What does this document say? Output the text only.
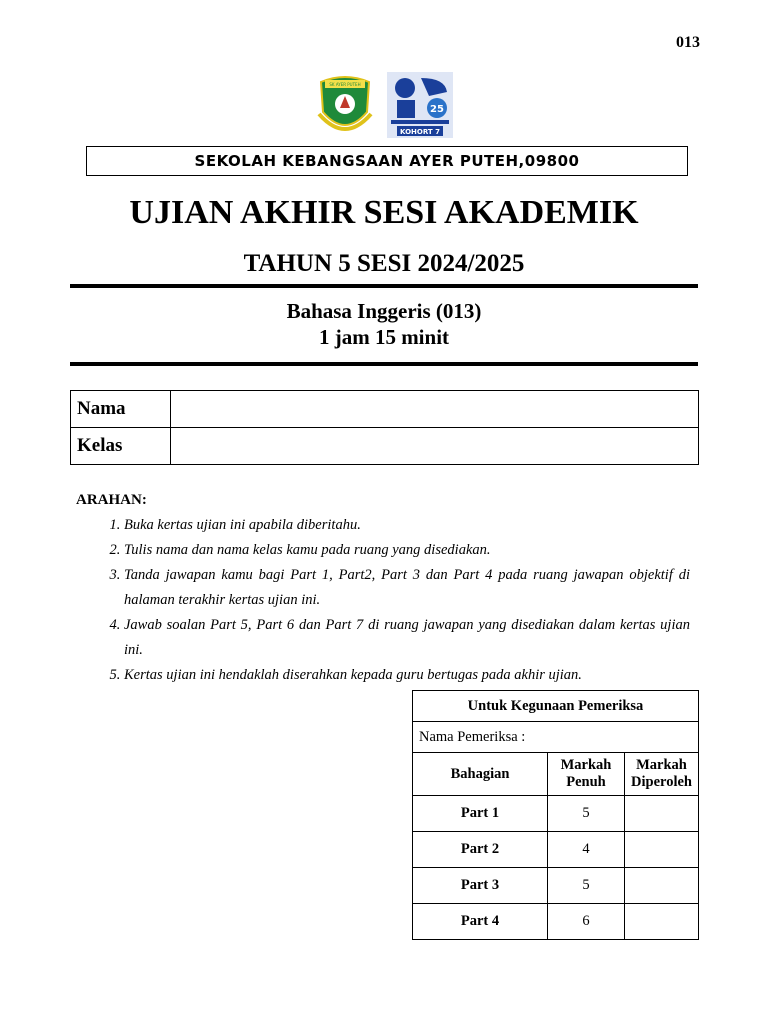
013
SK AYER PUTEH
25
KOHORT 7
SEKOLAH KEBANGSAAN AYER PUTEH,09800
UJIAN AKHIR SESI AKADEMIK
TAHUN 5 SESI 2024/2025
Bahasa Inggeris (013)
1 jam 15 minit
Nama	
Kelas	
ARAHAN:
1. Buka kertas ujian ini apabila diberitahu.
2. Tulis nama dan nama kelas kamu pada ruang yang disediakan.
3. Tanda jawapan kamu bagi Part 1, Part2, Part 3 dan Part 4 pada ruang jawapan objektif di halaman terakhir kertas ujian ini.
4. Jawab soalan Part 5, Part 6 dan Part 7 di ruang jawapan yang disediakan dalam kertas ujian ini.
5. Kertas ujian ini hendaklah diserahkan kepada guru bertugas pada akhir ujian.
Untuk Kegunaan Pemeriksa		
Nama Pemeriksa :		
Bahagian	Markah Penuh	Markah Diperoleh
Part 1	5	
Part 2	4	
Part 3	5	
Part 4	6	
